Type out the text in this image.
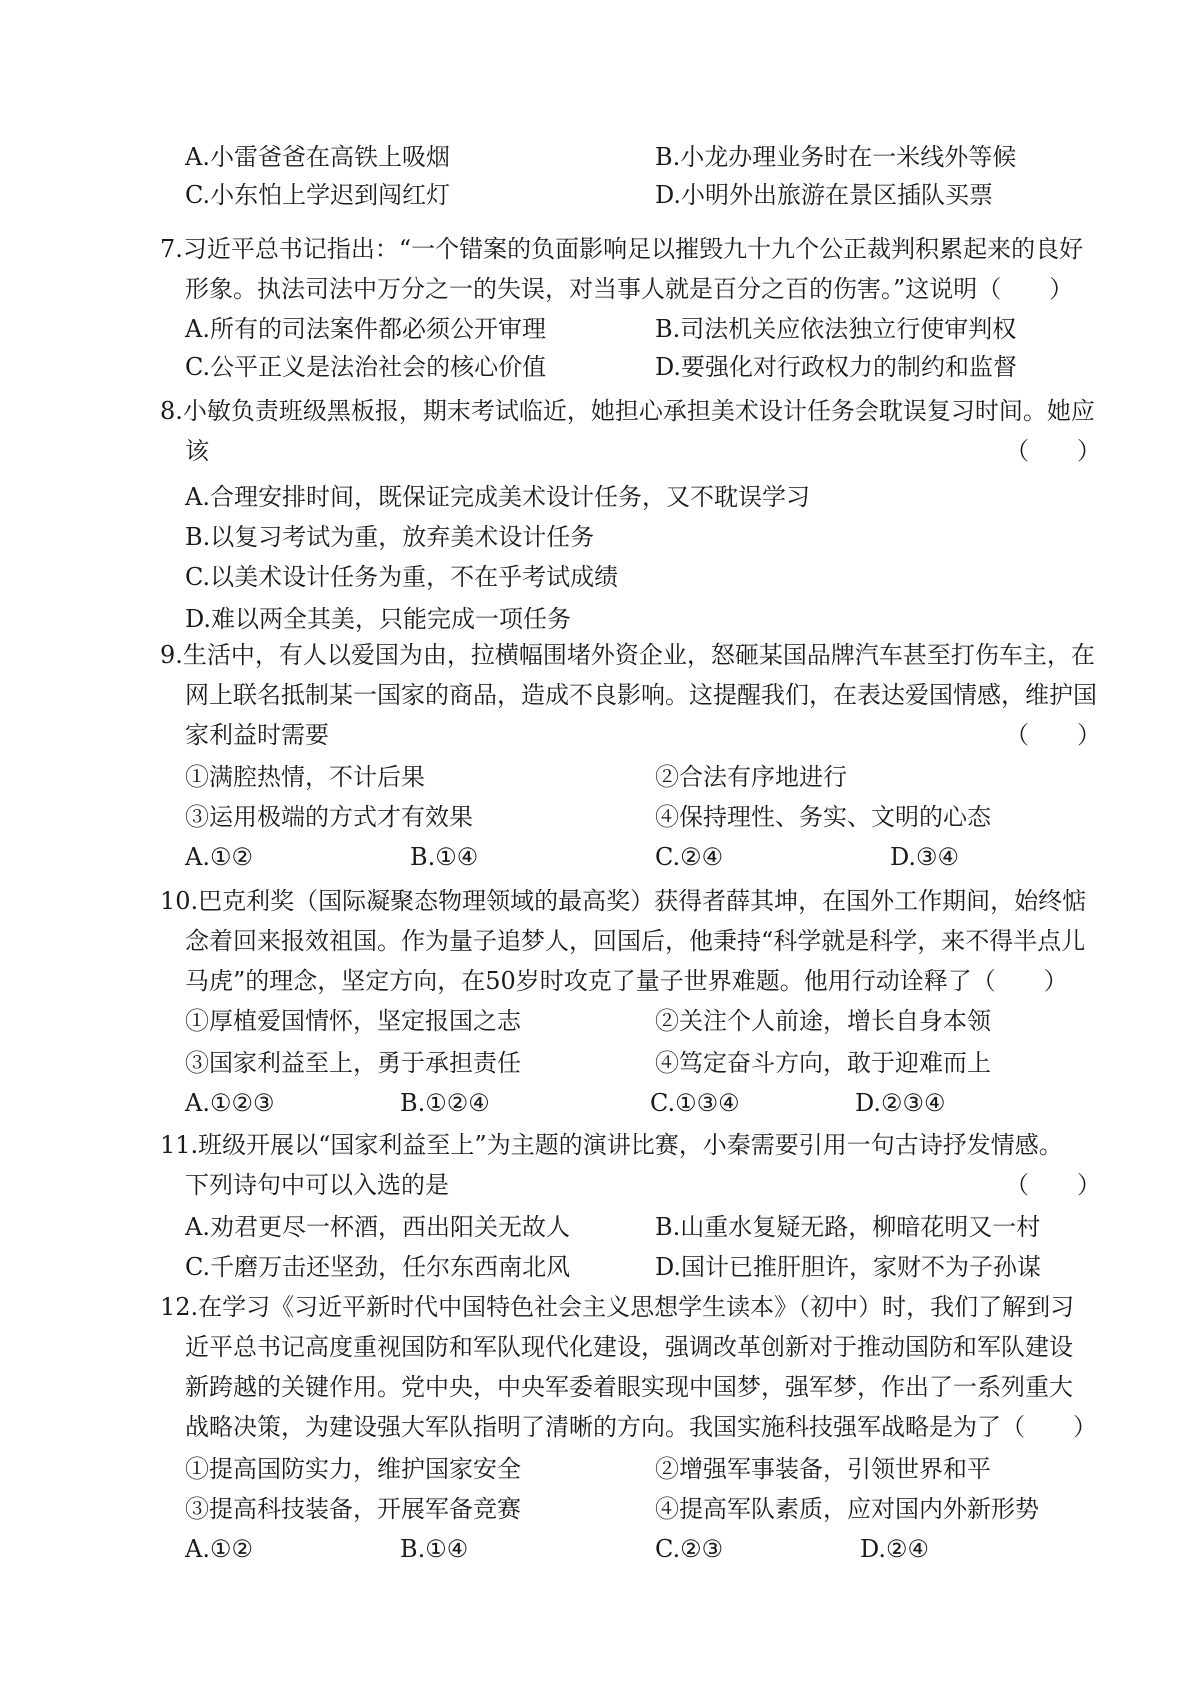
A.小雷爸爸在高铁上吸烟	B.小龙办理业务时在一米线外等候
C.小东怕上学迟到闯红灯	D.小明外出旅游在景区插队买票
7.习近平总书记指出：“一个错案的负面影响足以摧毁九十九个公正裁判积累起来的良好
形象。执法司法中万分之一的失误，对当事人就是百分之百的伤害。”这说明（　　）
A.所有的司法案件都必须公开审理	B.司法机关应依法独立行使审判权
C.公平正义是法治社会的核心价值	D.要强化对行政权力的制约和监督
8.小敏负责班级黑板报，期末考试临近，她担心承担美术设计任务会耽误复习时间。她应
该	（　　）
A.合理安排时间，既保证完成美术设计任务，又不耽误学习
B.以复习考试为重，放弃美术设计任务
C.以美术设计任务为重，不在乎考试成绩
D.难以两全其美，只能完成一项任务
9.生活中，有人以爱国为由，拉横幅围堵外资企业，怒砸某国品牌汽车甚至打伤车主，在
网上联名抵制某一国家的商品，造成不良影响。这提醒我们，在表达爱国情感，维护国
家利益时需要	（　　）
①满腔热情，不计后果	②合法有序地进行
③运用极端的方式才有效果	④保持理性、务实、文明的心态
A.①②	B.①④	C.②④	D.③④
10.巴克利奖（国际凝聚态物理领域的最高奖）获得者薛其坤，在国外工作期间，始终惦
念着回来报效祖国。作为量子追梦人，回国后，他秉持“科学就是科学，来不得半点儿
马虎”的理念，坚定方向，在50岁时攻克了量子世界难题。他用行动诠释了（　　）
①厚植爱国情怀，坚定报国之志	②关注个人前途，增长自身本领
③国家利益至上，勇于承担责任	④笃定奋斗方向，敢于迎难而上
A.①②③	B.①②④	C.①③④	D.②③④
11.班级开展以“国家利益至上”为主题的演讲比赛，小秦需要引用一句古诗抒发情感。
下列诗句中可以入选的是	（　　）
A.劝君更尽一杯酒，西出阳关无故人	B.山重水复疑无路，柳暗花明又一村
C.千磨万击还坚劲，任尔东西南北风	D.国计已推肝胆许，家财不为子孙谋
12.在学习《习近平新时代中国特色社会主义思想学生读本》（初中）时，我们了解到习
近平总书记高度重视国防和军队现代化建设，强调改革创新对于推动国防和军队建设
新跨越的关键作用。党中央，中央军委着眼实现中国梦，强军梦，作出了一系列重大
战略决策，为建设强大军队指明了清晰的方向。我国实施科技强军战略是为了（　　）
①提高国防实力，维护国家安全	②增强军事装备，引领世界和平
③提高科技装备，开展军备竞赛	④提高军队素质，应对国内外新形势
A.①②	B.①④	C.②③	D.②④
